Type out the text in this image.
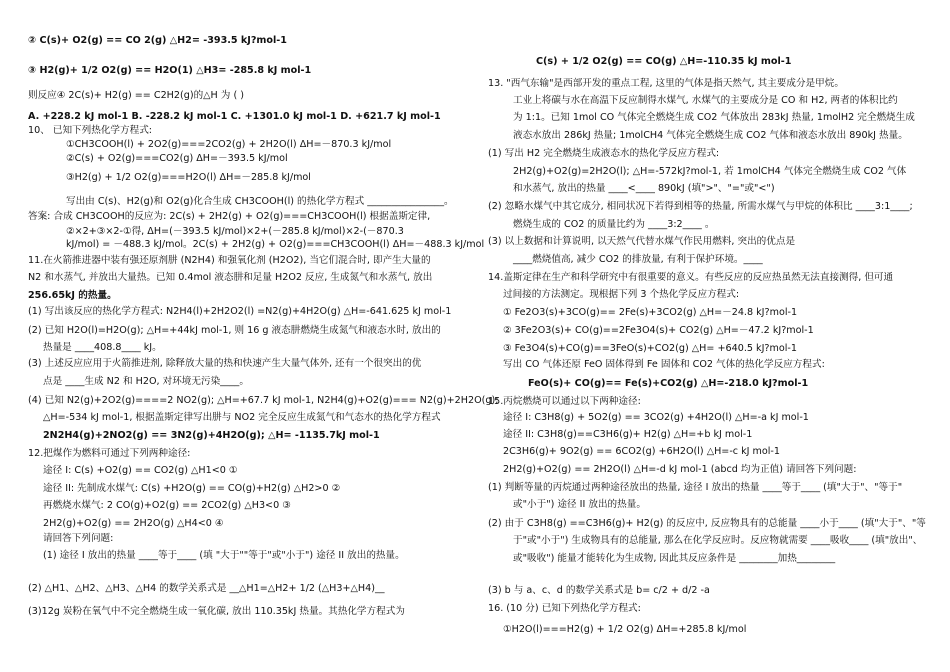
② C(s)+ O2(g) == CO 2(g) △H2= -393.5 kJ?mol-1
③ H2(g)+ 1/2 O2(g) == H2O(1) △H3= -285.8 kJ mol-1
则反应④ 2C(s)+ H2(g) == C2H2(g)的△H 为 ( )
A. +228.2 kJ mol-1 B. -228.2 kJ mol-1 C. +1301.0 kJ mol-1 D. +621.7 kJ mol-1
10、 已知下列热化学方程式:
①CH3COOH(l) + 2O2(g)===2CO2(g) + 2H2O(l) ΔH=－870.3 kJ/mol
②C(s) + O2(g)===CO2(g) ΔH=－393.5 kJ/mol
③H2(g) + 1/2 O2(g)===H2O(l) ΔH=－285.8 kJ/mol
写出由 C(s)、H2(g)和 O2(g)化合生成 CH3COOH(l) 的热化学方程式 ________________。
答案: 合成 CH3COOH的反应为: 2C(s) + 2H2(g) + O2(g)===CH3COOH(l) 根据盖斯定律,
②×2+③×2-①得, ΔH=(－393.5 kJ/mol)×2+(－285.8 kJ/mol)×2-(－870.3
kJ/mol) = －488.3 kJ/mol。2C(s) + 2H2(g) + O2(g)===CH3COOH(l) ΔH=－488.3 kJ/mol
11.在火箭推进器中装有强还原剂肼 (N2H4) 和强氧化剂 (H2O2), 当它们混合时, 即产生大量的
N2 和水蒸气, 并放出大量热。已知 0.4mol 液态肼和足量 H2O2 反应, 生成氮气和水蒸气, 放出
256.65kJ 的热量。
(1) 写出该反应的热化学方程式: N2H4(l)+2H2O2(l) =N2(g)+4H2O(g) △H=-641.625 kJ mol-1
(2) 已知 H2O(l)=H2O(g); △H=+44kJ mol-1, 则 16 g 液态肼燃烧生成氮气和液态水时, 放出的
热量是 ____408.8____ kJ。
(3) 上述反应应用于火箭推进剂, 除释放大量的热和快速产生大量气体外, 还有一个很突出的优
点是 ____生成 N2 和 H2O, 对环境无污染____。
(4) 已知 N2(g)+2O2(g)====2 NO2(g); △H=+67.7 kJ mol-1, N2H4(g)+O2(g)=== N2(g)+2H2O(g);
△H=-534 kJ mol-1, 根据盖斯定律写出肼与 NO2 完全反应生成氮气和气态水的热化学方程式
2N2H4(g)+2NO2(g) == 3N2(g)+4H2O(g); △H= -1135.7kJ mol-1
12.把煤作为燃料可通过下列两种途径:
途径 I: C(s) +O2(g) == CO2(g) △H1<0 ①
途径 II: 先制成水煤气: C(s) +H2O(g) == CO(g)+H2(g) △H2>0 ②
再燃烧水煤气: 2 CO(g)+O2(g) == 2CO2(g) △H3<0 ③
2H2(g)+O2(g) == 2H2O(g) △H4<0 ④
请回答下列问题:
(1) 途径 I 放出的热量 ____等于____ (填 "大于""等于"或"小于") 途径 II 放出的热量。
(2) △H1、△H2、△H3、△H4 的数学关系式是 __△H1=△H2+ 1/2 (△H3+△H4)__
(3)12g 炭粉在氧气中不完全燃烧生成一氧化碳, 放出 110.35kJ 热量。其热化学方程式为
C(s) + 1/2 O2(g) == CO(g) △H=-110.35 kJ mol-1
13. "西气东输"是西部开发的重点工程, 这里的气体是指天然气, 其主要成分是甲烷。
工业上将碳与水在高温下反应制得水煤气, 水煤气的主要成分是 CO 和 H2, 两者的体积比约
为 1:1。已知 1mol CO 气体完全燃烧生成 CO2 气体放出 283kJ 热量, 1molH2 完全燃烧生成
液态水放出 286kJ 热量; 1molCH4 气体完全燃烧生成 CO2 气体和液态水放出 890kJ 热量。
(1) 写出 H2 完全燃烧生成液态水的热化学反应方程式:
2H2(g)+O2(g)=2H2O(l); △H=-572kJ?mol-1, 若 1molCH4 气体完全燃烧生成 CO2 气体
和水蒸气, 放出的热量 ____<____ 890kJ (填">"、"="或"<")
(2) 忽略水煤气中其它成分, 相同状况下若得到相等的热量, 所需水煤气与甲烷的体积比 ____3:1____;
燃烧生成的 CO2 的质量比约为 ____3:2____ 。
(3) 以上数据和计算说明, 以天然气代替水煤气作民用燃料, 突出的优点是
____燃烧值高, 减少 CO2 的排放量, 有利于保护环境。____
14.盖斯定律在生产和科学研究中有很重要的意义。有些反应的反应热虽然无法直接测得, 但可通
过间接的方法测定。现根据下列 3 个热化学反应方程式:
① Fe2O3(s)+3CO(g)== 2Fe(s)+3CO2(g) △H=－24.8 kJ?mol-1
② 3Fe2O3(s)+ CO(g)==2Fe3O4(s)+ CO2(g) △H=－47.2 kJ?mol-1
③ Fe3O4(s)+CO(g)==3FeO(s)+CO2(g) △H= +640.5 kJ?mol-1
写出 CO 气体还原 FeO 固体得到 Fe 固体和 CO2 气体的热化学反应方程式:
FeO(s)+ CO(g)== Fe(s)+CO2(g) △H=-218.0 kJ?mol-1
15.丙烷燃烧可以通过以下两种途径:
途径 I: C3H8(g) + 5O2(g) == 3CO2(g) +4H2O(l) △H=-a kJ mol-1
途径 II: C3H8(g)==C3H6(g)+ H2(g) △H=+b kJ mol-1
2C3H6(g)+ 9O2(g) == 6CO2(g) +6H2O(l) △H=-c kJ mol-1
2H2(g)+O2(g) == 2H2O(l) △H=-d kJ mol-1 (abcd 均为正值) 请回答下列问题:
(1) 判断等量的丙烷通过两种途径放出的热量, 途径 I 放出的热量 ____等于____ (填"大于"、"等于"
或"小于") 途径 II 放出的热量。
(2) 由于 C3H8(g) ==C3H6(g)+ H2(g) 的反应中, 反应物具有的总能量 ____小于____ (填"大于"、"等
于"或"小于") 生成物具有的总能量, 那么在化学反应时。反应物就需要 ____吸收____ (填"放出"、
或"吸收") 能量才能转化为生成物, 因此其反应条件是 ________加热________
(3) b 与 a、c、d 的数学关系式是 b= c/2 + d/2 -a
16. (10 分) 已知下列热化学方程式:
①H2O(l)===H2(g) + 1/2 O2(g) ΔH=+285.8 kJ/mol
